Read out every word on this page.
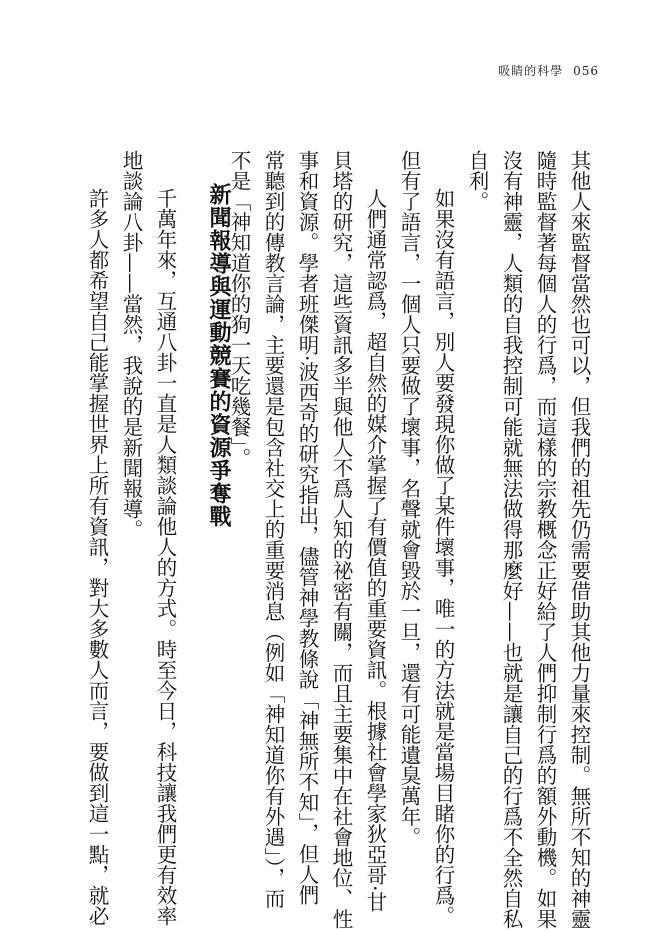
吸睛的科學 056
其他人來監督當然也可以，但我們的祖先仍需要借助其他力量來控制。無所不知的神靈
隨時監督著每個人的行爲，而這樣的宗教概念正好給了人們抑制行爲的額外動機。如果
沒有神靈，人類的自我控制可能就無法做得那麼好——也就是讓自己的行爲不全然自私
自利。
如果沒有語言，別人要發現你做了某件壞事，唯一的方法就是當場目睹你的行爲。
但有了語言，一個人只要做了壞事，名聲就會毀於一旦，還有可能遺臭萬年。
人們通常認爲，超自然的媒介掌握了有價值的重要資訊。根據社會學家狄亞哥·甘
貝塔的研究，這些資訊多半與他人不爲人知的祕密有關，而且主要集中在社會地位、性
事和資源。學者班傑明·波西奇的研究指出，儘管神學教條說「神無所不知」，但人們
常聽到的傳教言論，主要還是包含社交上的重要消息（例如「神知道你有外遇」），而
不是「神知道你的狗一天吃幾餐」。
新聞報導與運動競賽的資源爭奪戰
千萬年來，互通八卦一直是人類談論他人的方式。時至今日，科技讓我們更有效率
地談論八卦——當然，我說的是新聞報導。
許多人都希望自己能掌握世界上所有資訊，對大多數人而言，要做到這一點，就必
